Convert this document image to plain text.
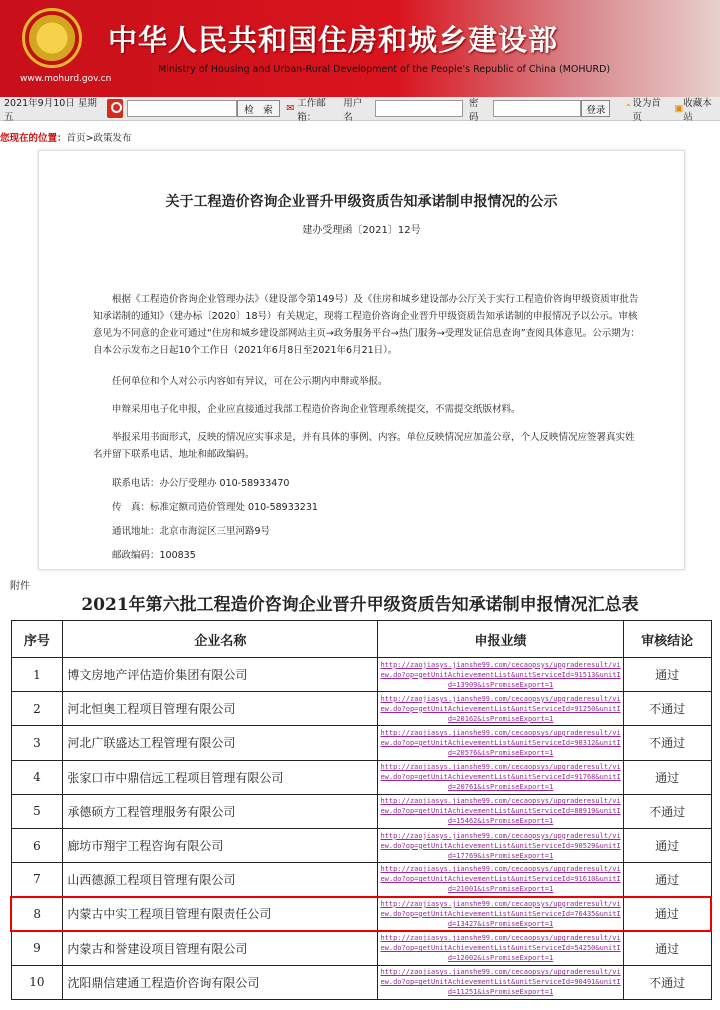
www.mohurd.gov.cn
中华人民共和国住房和城乡建设部
Ministry of Housing and Urban-Rural Development of the People's Republic of China (MOHURD)
2021年9月10日 星期五
检　索	✉ 工作邮箱：
用户名
密码
登录	⌃ 设为首页
▣ 收藏本站
您现在的位置：首页>政策发布
关于工程造价咨询企业晋升甲级资质告知承诺制申报情况的公示
建办受理函〔2021〕12号
根据《工程造价咨询企业管理办法》（建设部令第149号）及《住房和城乡建设部办公厅关于实行工程造价咨询甲级资质审批告知承诺制的通知》（建办标〔2020〕18号）有关规定，现将工程造价咨询企业晋升甲级资质告知承诺制的申报情况予以公示。审核意见为不同意的企业可通过“住房和城乡建设部网站主页→政务服务平台→热门服务→受理发证信息查询”查阅具体意见。公示期为：自本公示发布之日起10个工作日（2021年6月8日至2021年6月21日）。
任何单位和个人对公示内容如有异议，可在公示期内申辩或举报。
申辩采用电子化申报，企业应直接通过我部工程造价咨询企业管理系统提交，不需提交纸版材料。
举报采用书面形式，反映的情况应实事求是，并有具体的事例、内容。单位反映情况应加盖公章，个人反映情况应签署真实姓名并留下联系电话、地址和邮政编码。
联系电话：办公厅受理办 010-58933470
传　真：标准定额司造价管理处 010-58933231
通讯地址：北京市海淀区三里河路9号
邮政编码：100835
附件
2021年第六批工程造价咨询企业晋升甲级资质告知承诺制申报情况汇总表
序号	企业名称	申报业绩	审核结论
1	博文房地产评估造价集团有限公司	http://zaojiasys.jianshe99.com/cecaopsys/upgraderesult/view.do?op=getUnitAchievementList&unitServiceId=91513&unitId=13909&isPromiseExport=1	通过
2	河北恒奥工程项目管理有限公司	http://zaojiasys.jianshe99.com/cecaopsys/upgraderesult/view.do?op=getUnitAchievementList&unitServiceId=91250&unitId=20162&isPromiseExport=1	不通过
3	河北广联盛达工程管理有限公司	http://zaojiasys.jianshe99.com/cecaopsys/upgraderesult/view.do?op=getUnitAchievementList&unitServiceId=90312&unitId=20576&isPromiseExport=1	不通过
4	张家口市中鼎信远工程项目管理有限公司	http://zaojiasys.jianshe99.com/cecaopsys/upgraderesult/view.do?op=getUnitAchievementList&unitServiceId=91768&unitId=20761&isPromiseExport=1	通过
5	承德硕方工程管理服务有限公司	http://zaojiasys.jianshe99.com/cecaopsys/upgraderesult/view.do?op=getUnitAchievementList&unitServiceId=88919&unitId=15462&isPromiseExport=1	不通过
6	廊坊市翔宇工程咨询有限公司	http://zaojiasys.jianshe99.com/cecaopsys/upgraderesult/view.do?op=getUnitAchievementList&unitServiceId=90529&unitId=17769&isPromiseExport=1	通过
7	山西德源工程项目管理有限公司	http://zaojiasys.jianshe99.com/cecaopsys/upgraderesult/view.do?op=getUnitAchievementList&unitServiceId=91610&unitId=21001&isPromiseExport=1	通过
8	内蒙古中实工程项目管理有限责任公司	http://zaojiasys.jianshe99.com/cecaopsys/upgraderesult/view.do?op=getUnitAchievementList&unitServiceId=76435&unitId=13427&isPromiseExport=1	通过
9	内蒙古和誉建设项目管理有限公司	http://zaojiasys.jianshe99.com/cecaopsys/upgraderesult/view.do?op=getUnitAchievementList&unitServiceId=54250&unitId=12002&isPromiseExport=1	通过
10	沈阳鼎信建通工程造价咨询有限公司	http://zaojiasys.jianshe99.com/cecaopsys/upgraderesult/view.do?op=getUnitAchievementList&unitServiceId=90491&unitId=11251&isPromiseExport=1	不通过
